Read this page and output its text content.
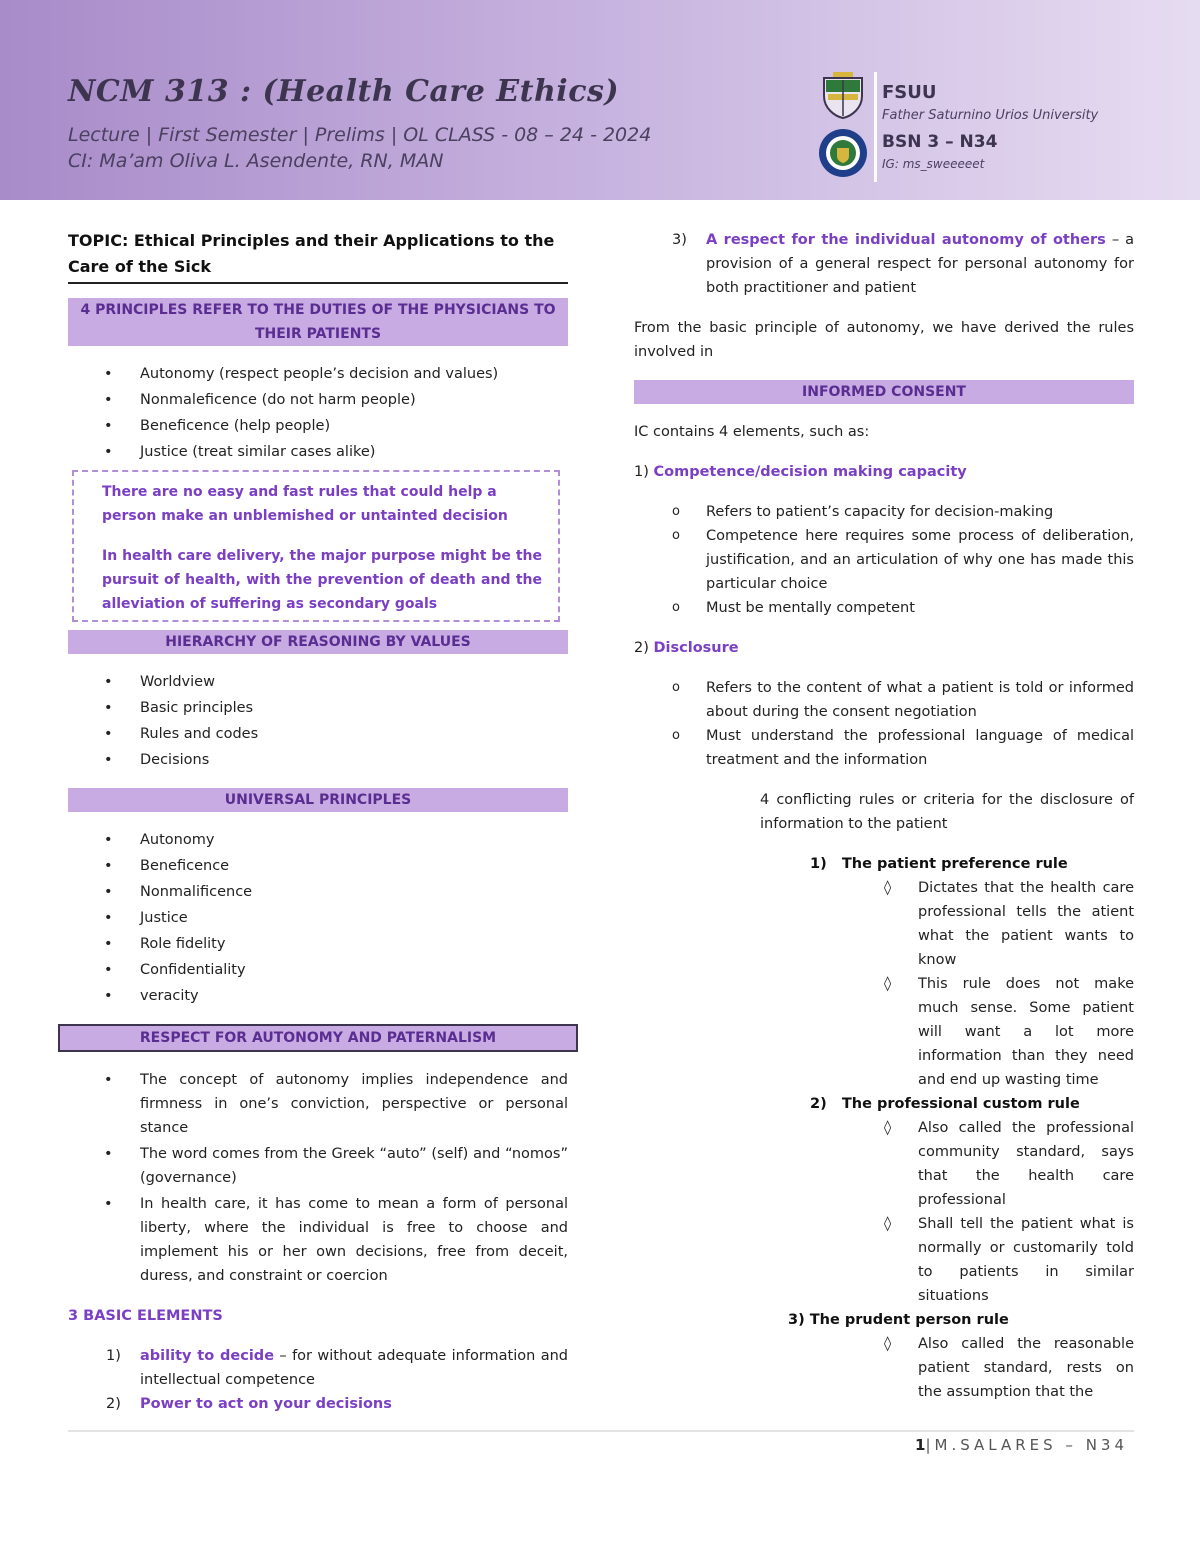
NCM 313 : (Health Care Ethics)
Lecture | First Semester | Prelims | OL CLASS - 08 – 24 - 2024
CI: Ma’am Oliva L. Asendente, RN, MAN
FSUU
Father Saturnino Urios University
BSN 3 – N34
IG: ms_sweeeeet
TOPIC: Ethical Principles and their Applications to the Care of the Sick
4 PRINCIPLES REFER TO THE DUTIES OF THE PHYSICIANS TO THEIR PATIENTS
• Autonomy (respect people’s decision and values)
• Nonmaleficence (do not harm people)
• Beneficence (help people)
• Justice (treat similar cases alike)

There are no easy and fast rules that could help a person make an unblemished or untainted decision

In health care delivery, the major purpose might be the pursuit of health, with the prevention of death and the alleviation of suffering as secondary goals

HIERARCHY OF REASONING BY VALUES
• Worldview
• Basic principles
• Rules and codes
• Decisions
UNIVERSAL PRINCIPLES
• Autonomy
• Beneficence
• Nonmalificence
• Justice
• Role fidelity
• Confidentiality
• veracity
RESPECT FOR AUTONOMY AND PATERNALISM
• The concept of autonomy implies independence and firmness in one’s conviction, perspective or personal stance
• The word comes from the Greek “auto” (self) and “nomos” (governance)
• In health care, it has come to mean a form of personal liberty, where the individual is free to choose and implement his or her own decisions, free from deceit, duress, and constraint or coercion

3 BASIC ELEMENTS

1) ability to decide – for without adequate information and intellectual competence

2) Power to act on your decisions

3) A respect for the individual autonomy of others – a provision of a general respect for personal autonomy for both practitioner and patient

From the basic principle of autonomy, we have derived the rules involved in

INFORMED CONSENT

IC contains 4 elements, such as:

1) Competence/decision making capacity

o Refers to patient’s capacity for decision-making
o Competence here requires some process of deliberation, justification, and an articulation of why one has made this particular choice
o Must be mentally competent

2) Disclosure

o Refers to the content of what a patient is told or informed about during the consent negotiation
o Must understand the professional language of medical treatment and the information

4 conflicting rules or criteria for the disclosure of information to the patient

1)   The patient preference rule

◊ Dictates that the health care professional tells the atient what the patient wants to know
◊ This rule does not make much sense. Some patient will want a lot more information than they need and end up wasting time

2)   The professional custom rule

◊ Also called the professional community standard, says that the health care professional
◊ Shall tell the patient what is normally or customarily told to patients in similar situations

3) The prudent person rule

◊ Also called the reasonable patient standard, rests on the assumption that the
1|M.SALARES – N34
